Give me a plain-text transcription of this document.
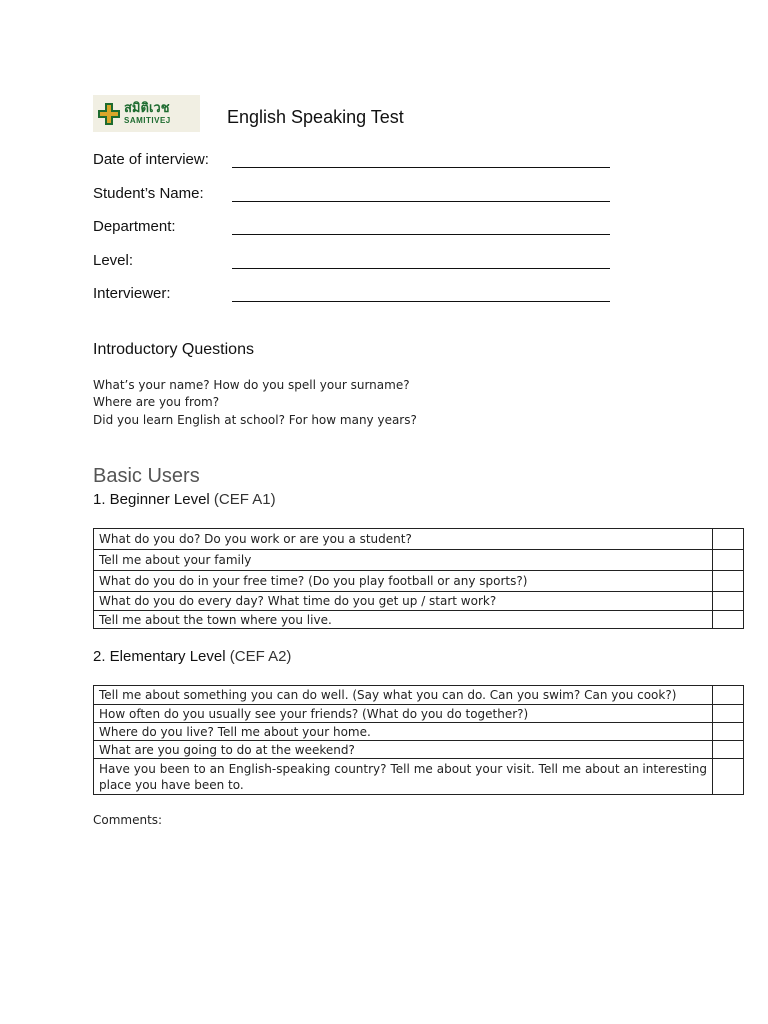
สมิติเวช
SAMITIVEJ	English Speaking Test
Date of interview:
Student’s Name:
Department:
Level:
Interviewer:
Introductory Questions
What’s your name? How do you spell your surname?
Where are you from?
Did you learn English at school? For how many years?
Basic Users
1. Beginner Level (CEF A1)
What do you do? Do you work or are you a student?	
Tell me about your family	
What do you do in your free time? (Do you play football or any sports?)	
What do you do every day? What time do you get up / start work?	
Tell me about the town where you live.	
2. Elementary Level (CEF A2)
Tell me about something you can do well. (Say what you can do. Can you swim? Can you cook?)	
How often do you usually see your friends? (What do you do together?)	
Where do you live? Tell me about your home.	
What are you going to do at the weekend?	
Have you been to an English-speaking country? Tell me about your visit. Tell me about an interesting place you have been to.	
Comments:
